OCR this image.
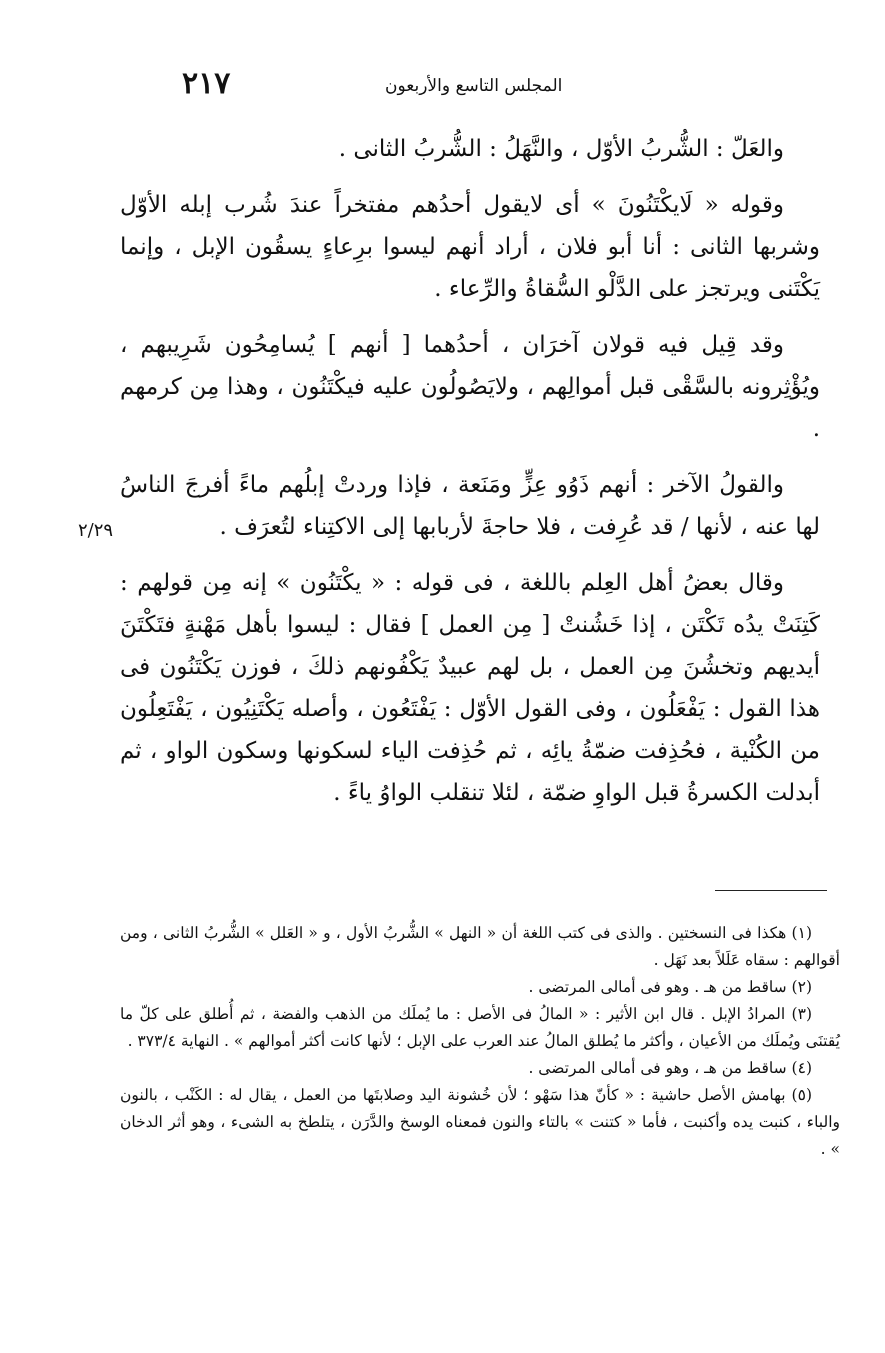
٢١٧	المجلس التاسع والأربعون
٢/٢٩

والعَلّ : الشُّربُ الأوّل ، والنَّهَلُ : الشُّربُ الثانى .

وقوله « لَايكْتَنُونَ » أى لايقول أحدُهم مفتخراً عندَ شُرب إبله الأوّل وشربها الثانى : أنا أبو فلان ، أراد أنهم ليسوا برِعاءٍ يسقُون الإبل ، وإنما يَكْتَنى ويرتجز على الدَّلْو السُّقاةُ والرِّعاء .

وقد قِيل فيه قولان آخرَان ، أحدُهما [ أنهم ] يُسامِحُون شَرِيبهم ، ويُؤْثِرونه بالسَّقْى قبل أموالِهم ، ولايَصُولُون عليه فيكْتَنُون ، وهذا مِن كرمهم .

والقولُ الآخر : أنهم ذَوُو عِزٍّ ومَنَعة ، فإذا وردتْ إبلُهم ماءً أفرجَ الناسُ لها عنه ، لأنها / قد عُرِفت ، فلا حاجةَ لأربابها إلى الاكتِناء لتُعرَف .

وقال بعضُ أهل العِلم باللغة ، فى قوله : « يكْتَنُون » إنه مِن قولهم : كَتِنَتْ يدُه تَكْتَن ، إذا خَشُنتْ [ مِن العمل ] فقال : ليسوا بأهل مَهْنةٍ فتَكْتَنَ أيديهم وتخشُنَ مِن العمل ، بل لهم عبيدٌ يَكْفُونهم ذلكَ ، فوزن يَكْتَنُون فى هذا القول : يَفْعَلُون ، وفى القول الأوّل : يَفْتَعُون ، وأصله يَكْتَنِيُون ، يَفْتَعِلُون من الكُنْية ، فحُذِفت ضمّةُ يائِه ، ثم حُذِفت الياء لسكونها وسكون الواو ، ثم أبدلت الكسرةُ قبل الواوِ ضمّة ، لئلا تنقلب الواوُ ياءً .

(١) هكذا فى النسختين . والذى فى كتب اللغة أن « النهل » الشُّربُ الأول ، و « العَلل » الشُّربُ الثانى ، ومن أقوالهم : سقاه عَلَلاً بعد نَهَل .

(٢) ساقط من هـ . وهو فى أمالى المرتضى .

(٣) المرادُ الإبل . قال ابن الأثير : « المالُ فى الأصل : ما يُملَك من الذهب والفضة ، ثم أُطلق على كلّ ما يُقتنَى ويُملَك من الأعيان ، وأكثر ما يُطلق المالُ عند العرب على الإبل ؛ لأنها كانت أكثر أموالهم » . النهاية ٣٧٣/٤ .

(٤) ساقط من هـ ، وهو فى أمالى المرتضى .

(٥) بهامش الأصل حاشية : « كأنّ هذا سَهْو ؛ لأن خُشونة اليد وصلابتَها من العمل ، يقال له : الكَنْب ، بالنون والباء ، كنبت يده وأكنبت ، فأما « كتنت » بالتاء والنون فمعناه الوسخ والدَّرَن ، يتلطخ به الشىء ، وهو أثر الدخان » .
